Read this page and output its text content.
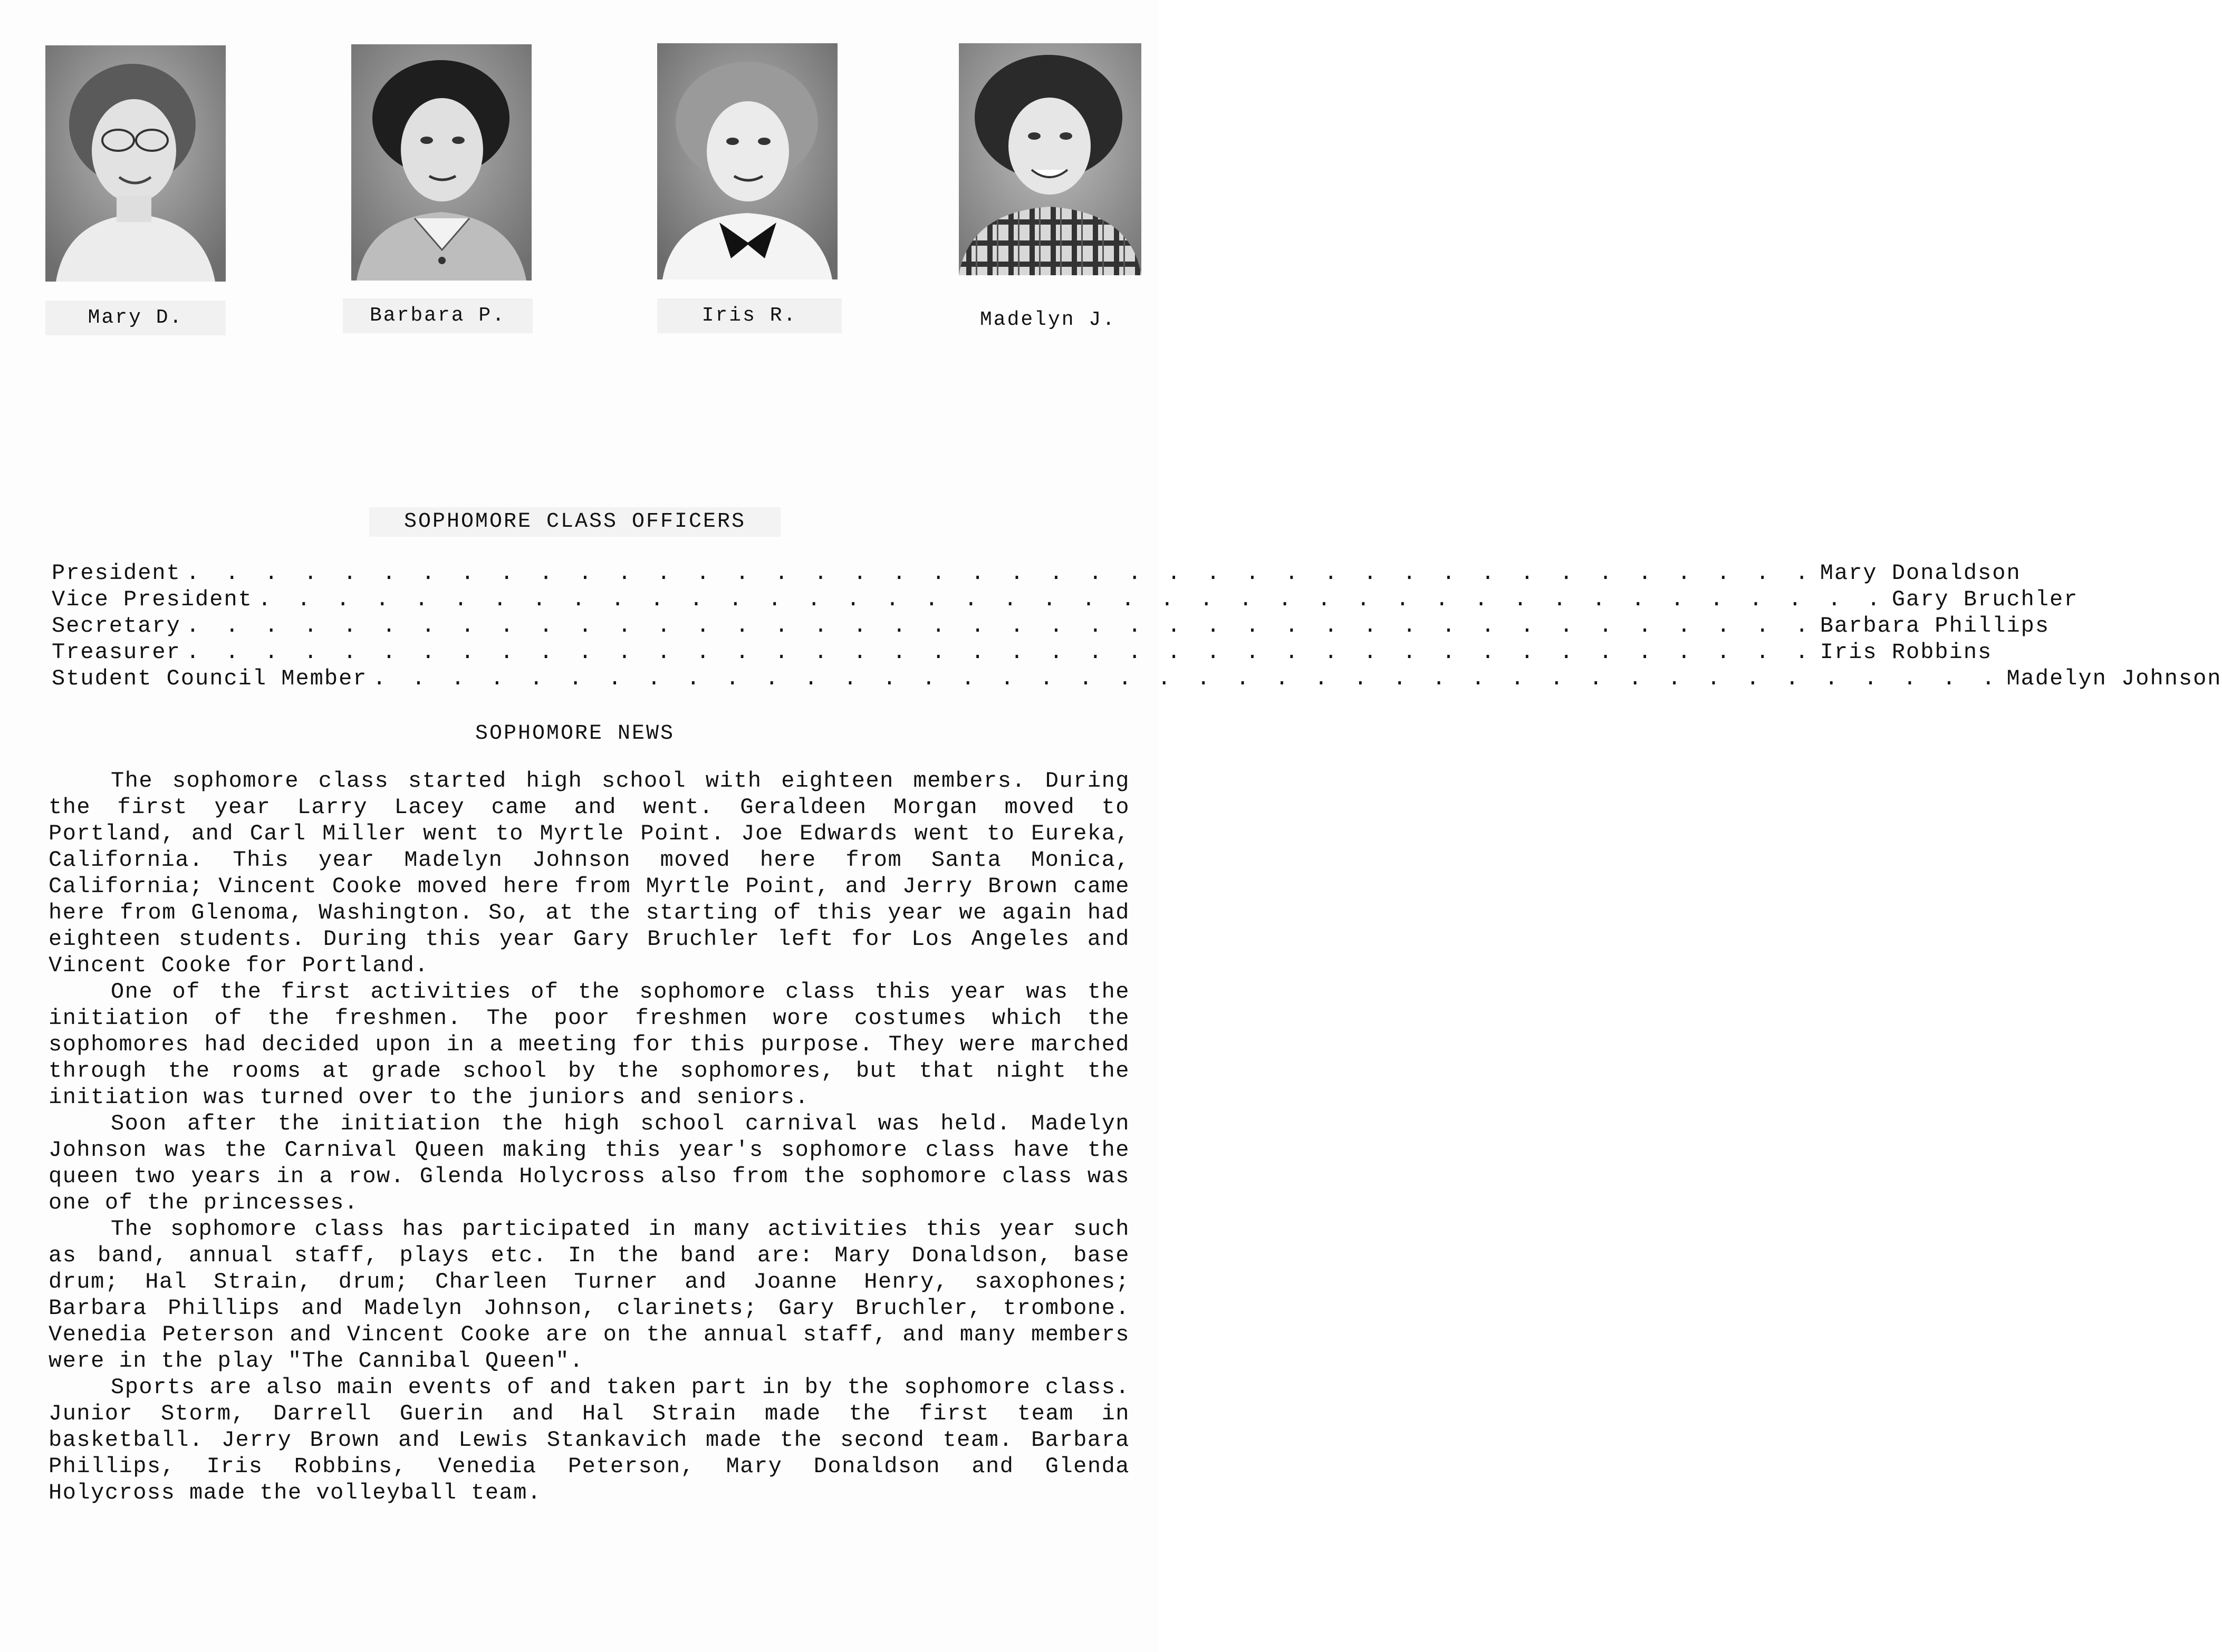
Mary D.	Barbara P.	Iris R.	Madelyn J.
SOPHOMORE CLASS OFFICERS
President . . . . . . . . . . . . . . . . . . . . . . . . . . . . . . . . . . . . . . . . . . Mary Donaldson
Vice President . . . . . . . . . . . . . . . . . . . . . . . . . . . . . . . . . . . . . . . . . . Gary Bruchler
Secretary . . . . . . . . . . . . . . . . . . . . . . . . . . . . . . . . . . . . . . . . . . Barbara Phillips
Treasurer . . . . . . . . . . . . . . . . . . . . . . . . . . . . . . . . . . . . . . . . . . Iris Robbins
Student Council Member . . . . . . . . . . . . . . . . . . . . . . . . . . . . . . . . . . . . . . . . . . Madelyn Johnson
SOPHOMORE NEWS

The sophomore class started high school with eighteen members. During the first year Larry Lacey came and went. Geraldeen Morgan moved to Portland, and Carl Miller went to Myrtle Point. Joe Edwards went to Eureka, California. This year Madelyn Johnson moved here from Santa Monica, California; Vincent Cooke moved here from Myrtle Point, and Jerry Brown came here from Glenoma, Washington. So, at the starting of this year we again had eighteen students. During this year Gary Bruchler left for Los Angeles and Vincent Cooke for Portland.

One of the first activities of the sophomore class this year was the initiation of the freshmen. The poor freshmen wore costumes which the sophomores had decided upon in a meeting for this purpose. They were marched through the rooms at grade school by the sophomores, but that night the initiation was turned over to the juniors and seniors.

Soon after the initiation the high school carnival was held. Madelyn Johnson was the Carnival Queen making this year's sophomore class have the queen two years in a row. Glenda Holycross also from the sophomore class was one of the princesses.

The sophomore class has participated in many activities this year such as band, annual staff, plays etc. In the band are: Mary Donaldson, base drum; Hal Strain, drum; Charleen Turner and Joanne Henry, saxophones; Barbara Phillips and Madelyn Johnson, clarinets; Gary Bruchler, trombone. Venedia Peterson and Vincent Cooke are on the annual staff, and many members were in the play "The Cannibal Queen".

Sports are also main events of and taken part in by the sophomore class. Junior Storm, Darrell Guerin and Hal Strain made the first team in basketball. Jerry Brown and Lewis Stankavich made the second team. Barbara Phillips, Iris Robbins, Venedia Peterson, Mary Donaldson and Glenda Holycross made the volleyball team.
